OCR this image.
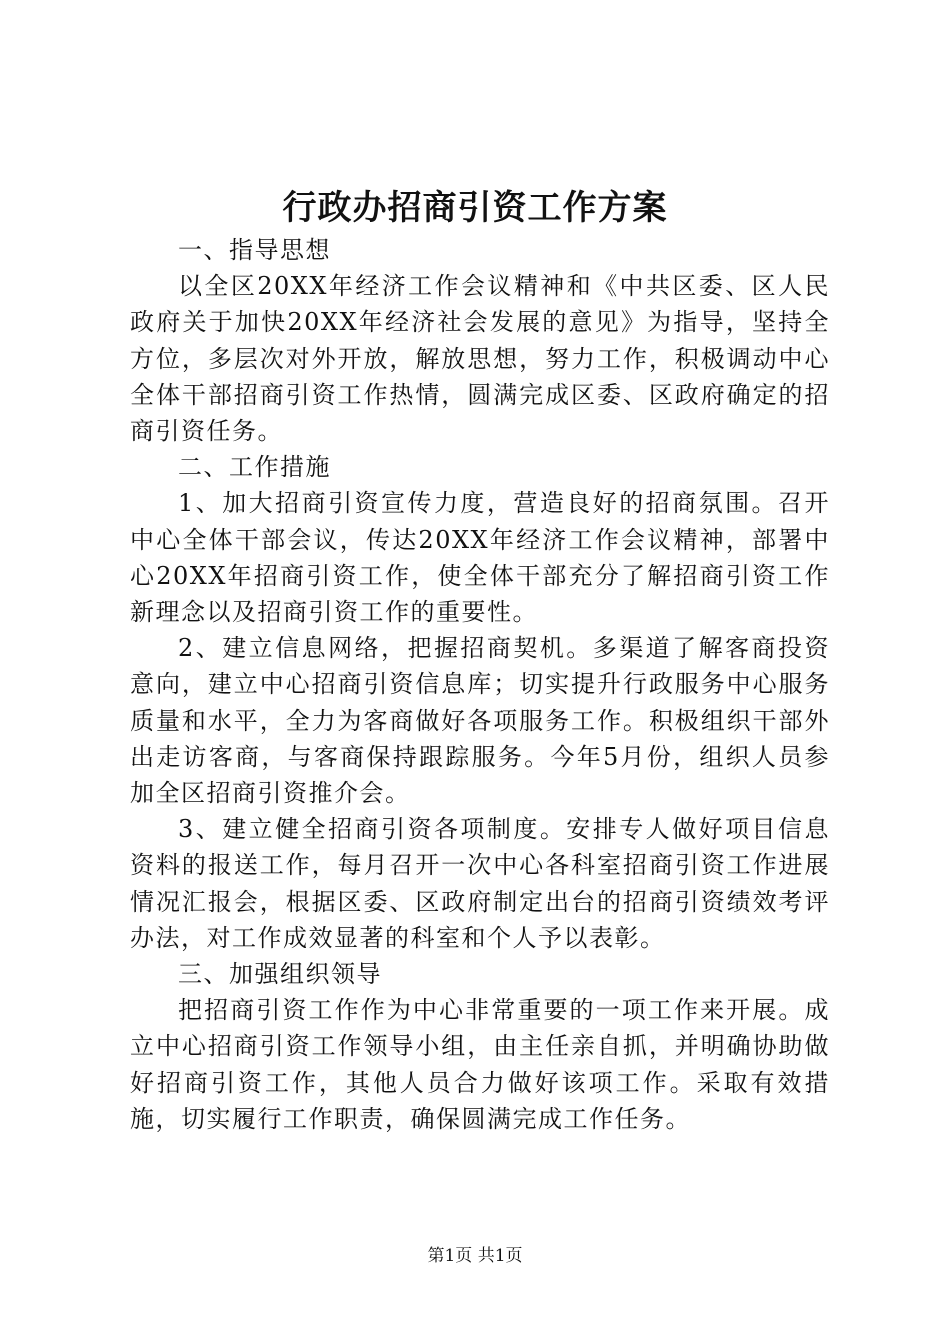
行政办招商引资工作方案

一、指导思想

以全区20XX年经济工作会议精神和《中共区委、区人民政府关于加快20XX年经济社会发展的意见》为指导，坚持全方位，多层次对外开放，解放思想，努力工作，积极调动中心全体干部招商引资工作热情，圆满完成区委、区政府确定的招商引资任务。

二、工作措施

1、加大招商引资宣传力度，营造良好的招商氛围。召开中心全体干部会议，传达20XX年经济工作会议精神，部署中心20XX年招商引资工作，使全体干部充分了解招商引资工作新理念以及招商引资工作的重要性。

2、建立信息网络，把握招商契机。多渠道了解客商投资意向，建立中心招商引资信息库；切实提升行政服务中心服务质量和水平，全力为客商做好各项服务工作。积极组织干部外出走访客商，与客商保持跟踪服务。今年5月份，组织人员参加全区招商引资推介会。

3、建立健全招商引资各项制度。安排专人做好项目信息资料的报送工作，每月召开一次中心各科室招商引资工作进展情况汇报会，根据区委、区政府制定出台的招商引资绩效考评办法，对工作成效显著的科室和个人予以表彰。

三、加强组织领导

把招商引资工作作为中心非常重要的一项工作来开展。成立中心招商引资工作领导小组，由主任亲自抓，并明确协助做好招商引资工作，其他人员合力做好该项工作。采取有效措施，切实履行工作职责，确保圆满完成工作任务。

第1页 共1页
